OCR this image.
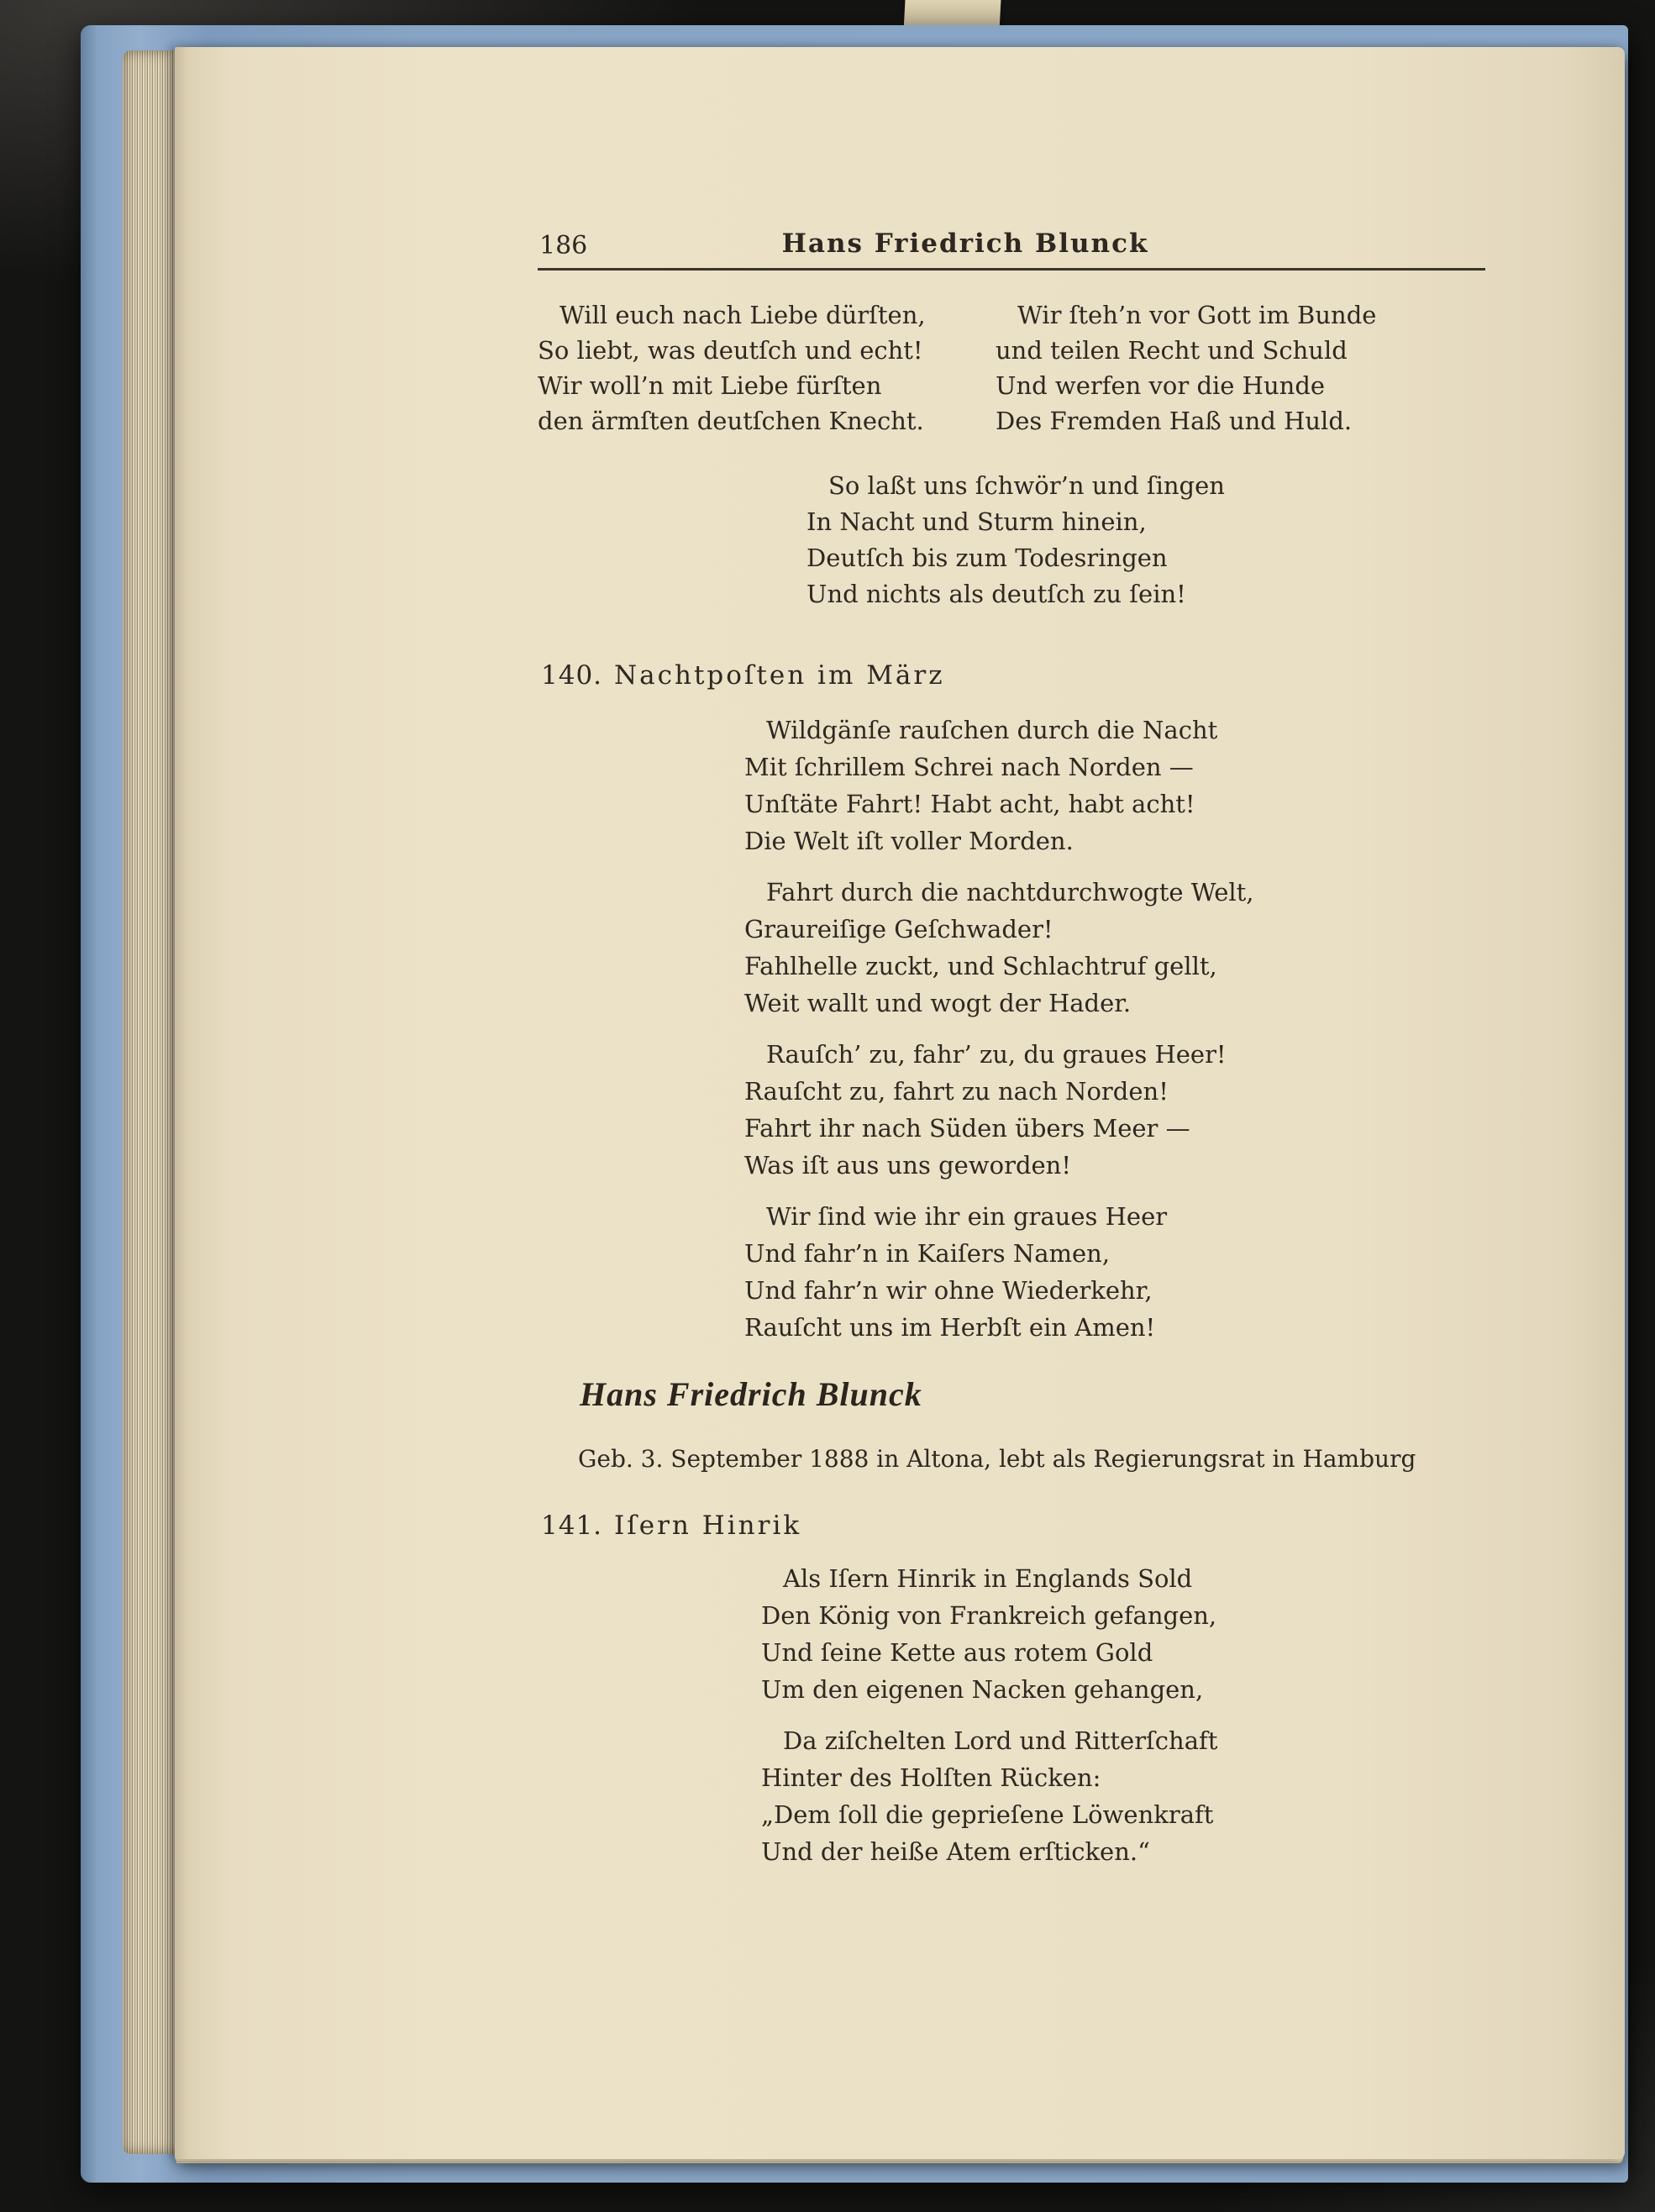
186	Hans Friedrich Blunck
Will euch nach Liebe dürſten,
So liebt, was deutſch und echt!
Wir woll’n mit Liebe fürſten
den ärmſten deutſchen Knecht.
Wir ſteh’n vor Gott im Bunde
und teilen Recht und Schuld
Und werfen vor die Hunde
Des Fremden Haß und Huld.
So laßt uns ſchwör’n und ſingen
In Nacht und Sturm hinein,
Deutſch bis zum Todesringen
Und nichts als deutſch zu ſein!
140. Nachtpoſten im März
Wildgänſe rauſchen durch die Nacht
Mit ſchrillem Schrei nach Norden —
Unſtäte Fahrt! Habt acht, habt acht!
Die Welt iſt voller Morden.
Fahrt durch die nachtdurchwogte Welt,
Graureiſige Geſchwader!
Fahlhelle zuckt, und Schlachtruf gellt,
Weit wallt und wogt der Hader.
Rauſch’ zu, fahr’ zu, du graues Heer!
Rauſcht zu, fahrt zu nach Norden!
Fahrt ihr nach Süden übers Meer —
Was iſt aus uns geworden!
Wir ſind wie ihr ein graues Heer
Und fahr’n in Kaiſers Namen,
Und fahr’n wir ohne Wiederkehr,
Rauſcht uns im Herbſt ein Amen!
Hans Friedrich Blunck
Geb. 3. September 1888 in Altona, lebt als Regierungsrat in Hamburg
141. Iſern Hinrik
Als Iſern Hinrik in Englands Sold
Den König von Frankreich gefangen,
Und ſeine Kette aus rotem Gold
Um den eigenen Nacken gehangen,
Da ziſchelten Lord und Ritterſchaft
Hinter des Holſten Rücken:
„Dem ſoll die geprieſene Löwenkraft
Und der heiße Atem erſticken.“
